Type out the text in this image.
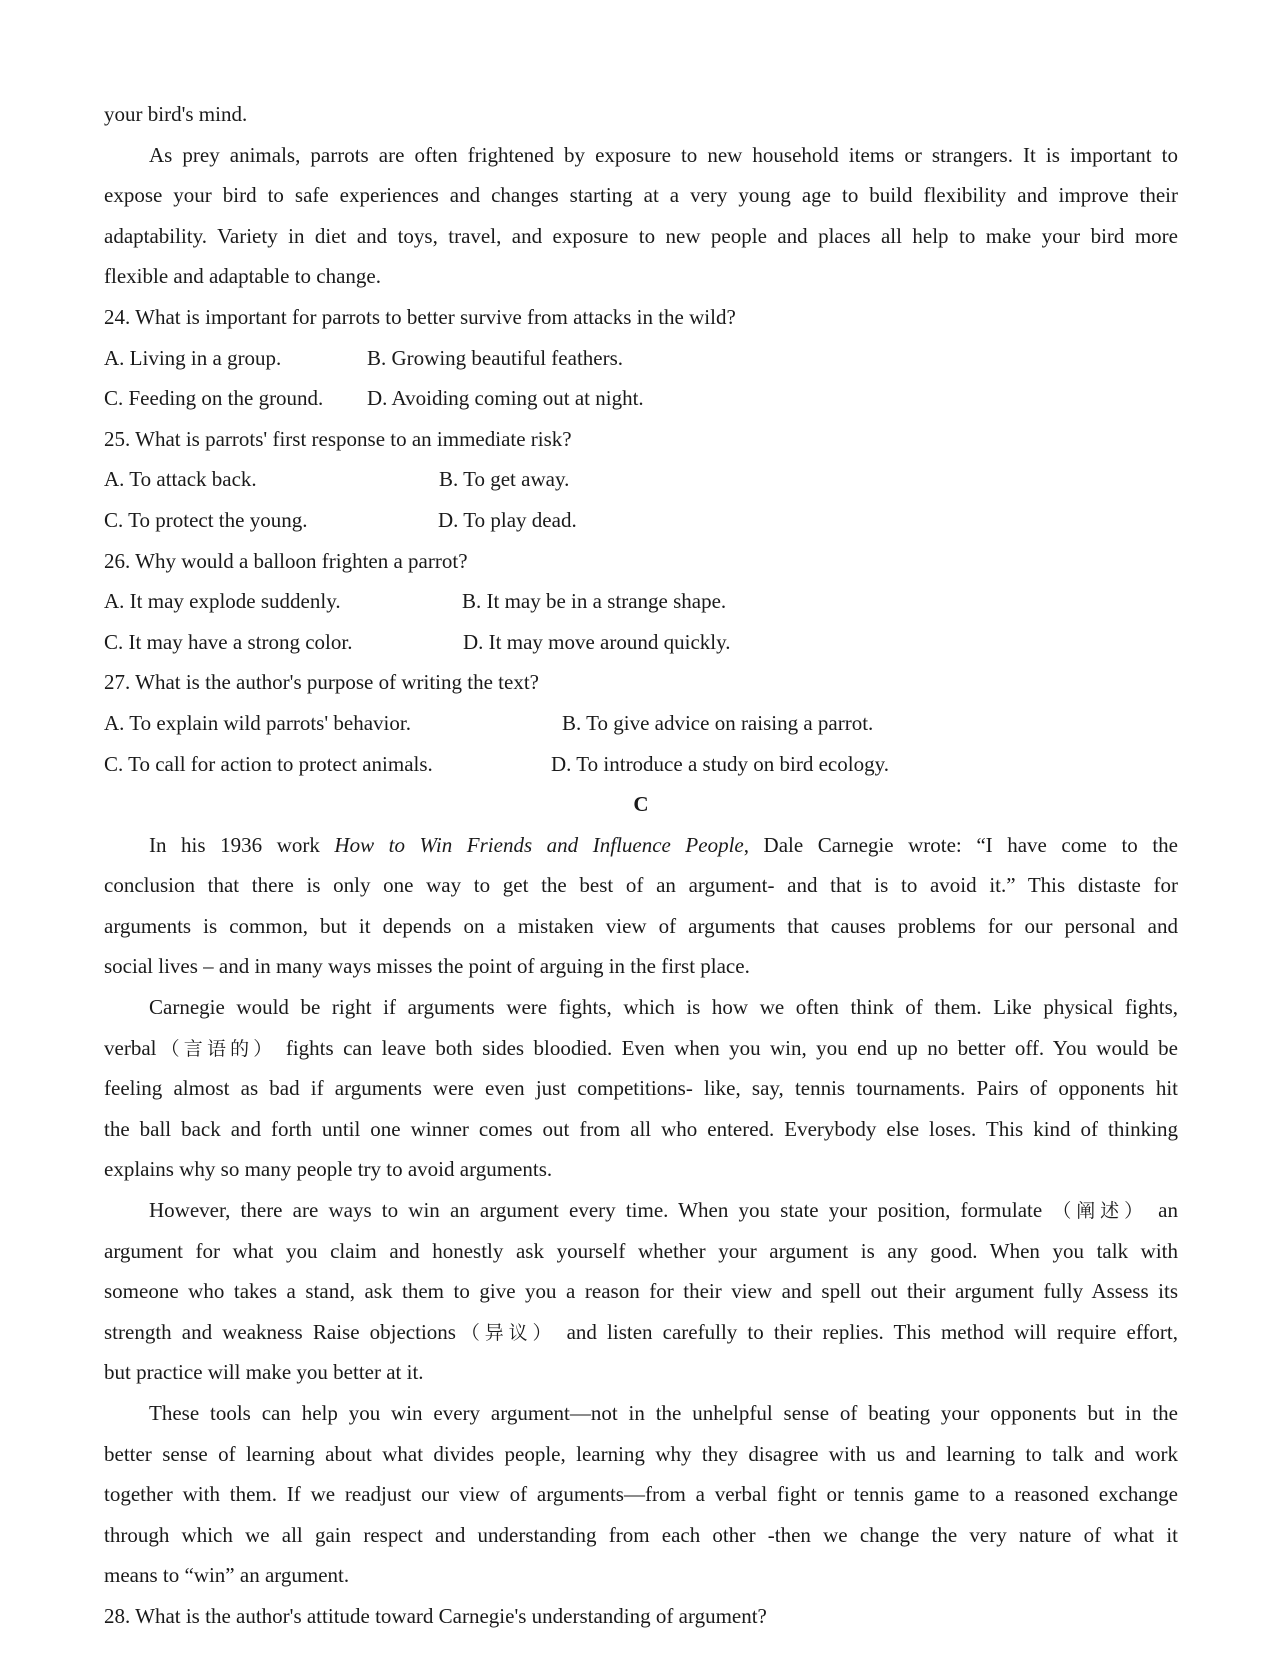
your bird's mind.
As prey animals, parrots are often frightened by exposure to new household items or strangers. It is important to
expose your bird to safe experiences and changes starting at a very young age to build flexibility and improve their
adaptability. Variety in diet and toys, travel, and exposure to new people and places all help to make your bird more
flexible and adaptable to change.
24. What is important for parrots to better survive from attacks in the wild?
A. Living in a group.	B. Growing beautiful feathers.
C. Feeding on the ground.	D. Avoiding coming out at night.
25. What is parrots' first response to an immediate risk?
A. To attack back.	B. To get away.
C. To protect the young.	D. To play dead.
26. Why would a balloon frighten a parrot?
A. It may explode suddenly.	B. It may be in a strange shape.
C. It may have a strong color.	D. It may move around quickly.
27. What is the author's purpose of writing the text?
A. To explain wild parrots' behavior.	B. To give advice on raising a parrot.
C. To call for action to protect animals.	D. To introduce a study on bird ecology.
C
In his 1936 work How to Win Friends and Influence People, Dale Carnegie wrote: “I have come to the
conclusion that there is only one way to get the best of an argument- and that is to avoid it.” This distaste for
arguments is common, but it depends on a mistaken view of arguments that causes problems for our personal and
social lives – and in many ways misses the point of arguing in the first place.
Carnegie would be right if arguments were fights, which is how we often think of them. Like physical fights,
verbal（言语的） fights can leave both sides bloodied. Even when you win, you end up no better off. You would be
feeling almost as bad if arguments were even just competitions- like, say, tennis tournaments. Pairs of opponents hit
the ball back and forth until one winner comes out from all who entered. Everybody else loses. This kind of thinking
explains why so many people try to avoid arguments.
However, there are ways to win an argument every time. When you state your position, formulate （阐述） an
argument for what you claim and honestly ask yourself whether your argument is any good. When you talk with
someone who takes a stand, ask them to give you a reason for their view and spell out their argument fully Assess its
strength and weakness Raise objections（异议） and listen carefully to their replies. This method will require effort,
but practice will make you better at it.
These tools can help you win every argument—not in the unhelpful sense of beating your opponents but in the
better sense of learning about what divides people, learning why they disagree with us and learning to talk and work
together with them. If we readjust our view of arguments—from a verbal fight or tennis game to a reasoned exchange
through which we all gain respect and understanding from each other -then we change the very nature of what it
means to “win” an argument.
28. What is the author's attitude toward Carnegie's understanding of argument?
